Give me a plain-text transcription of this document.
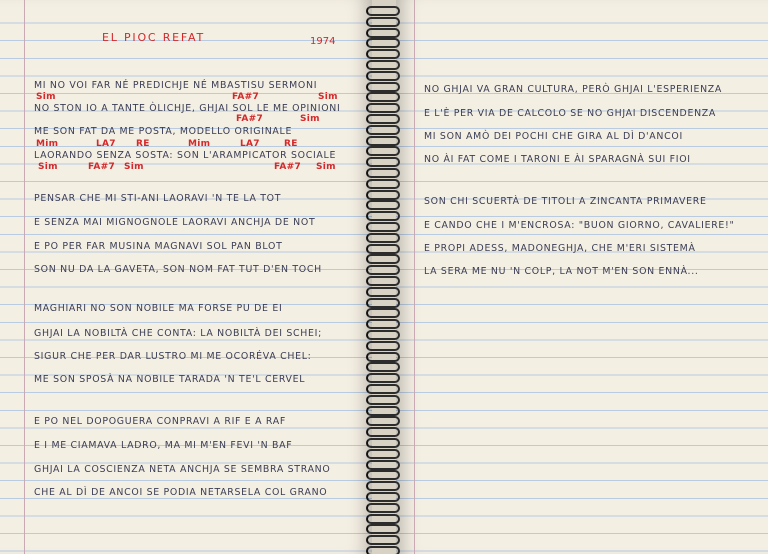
EL PIOC REFAT	1974

MI NO VOI FAR NÉ PREDICHJE NÉ MBASTISU SERMONI

Sim	FA#7	Sim

NO STON IO A TANTE ÒLICHJE, GHJAI SOL LE ME OPINIONI

FA#7	Sim

ME SON FAT DA ME POSTA, MODELLO ORIGINALE

Mim	LA7 RE	Mim	LA7	RE

LAORANDO SENZA SOSTA: SON L'ARAMPICATOR SOCIALE

Sim	FA#7 Sim	FA#7 Sim

PENSAR CHE MI STI-ANI LAORAVI 'N TE LA TOT

E SENZA MAI MIGNOGNOLE LAORAVI ANCHJA DE NOT

E PO PER FAR MUSINA MAGNAVI SOL PAN BLOT

SON NU DA LA GAVETA, SON NOM FAT TUT D'EN TOCH

MAGHIARI NO SON NOBILE MA FORSE PU DE EI

GHJAI LA NOBILTÀ CHE CONTA: LA NOBILTÀ DEI SCHEI;

SIGUR CHE PER DAR LUSTRO MI ME OCORÉVA CHEL:

ME SON SPOSÀ NA NOBILE TARADA 'N TE'L CERVEL

E PO NEL DOPOGUERA CONPRAVI A RIF E A RAF

E I ME CIAMAVA LADRO, MA MI M'EN FEVI 'N BAF

GHJAI LA COSCIENZA NETA ANCHJA SE SEMBRA STRANO

CHE AL DÌ DE ANCOI SE PODIA NETARSELA COL GRANO

NO GHJAI VA GRAN CULTURA, PERÒ GHJAI L'ESPERIENZA

E L'È PER VIA DE CALCOLO SE NO GHJAI DISCENDENZA

MI SON AMÒ DEI POCHI CHE GIRA AL DÌ D'ANCOI

NO ÀI FAT COME I TARONI E ÀI SPARAGNÀ SUI FIOI

SON CHI SCUERTÀ DE TITOLI A ZINCANTA PRIMAVERE

E CANDO CHE I M'ENCROSA: "BUON GIORNO, CAVALIERE!"

E PROPI ADESS, MADONEGHJA, CHE M'ERI SISTEMÀ

LA SERA ME NU 'N COLP, LA NOT M'EN SON ENNÀ...
